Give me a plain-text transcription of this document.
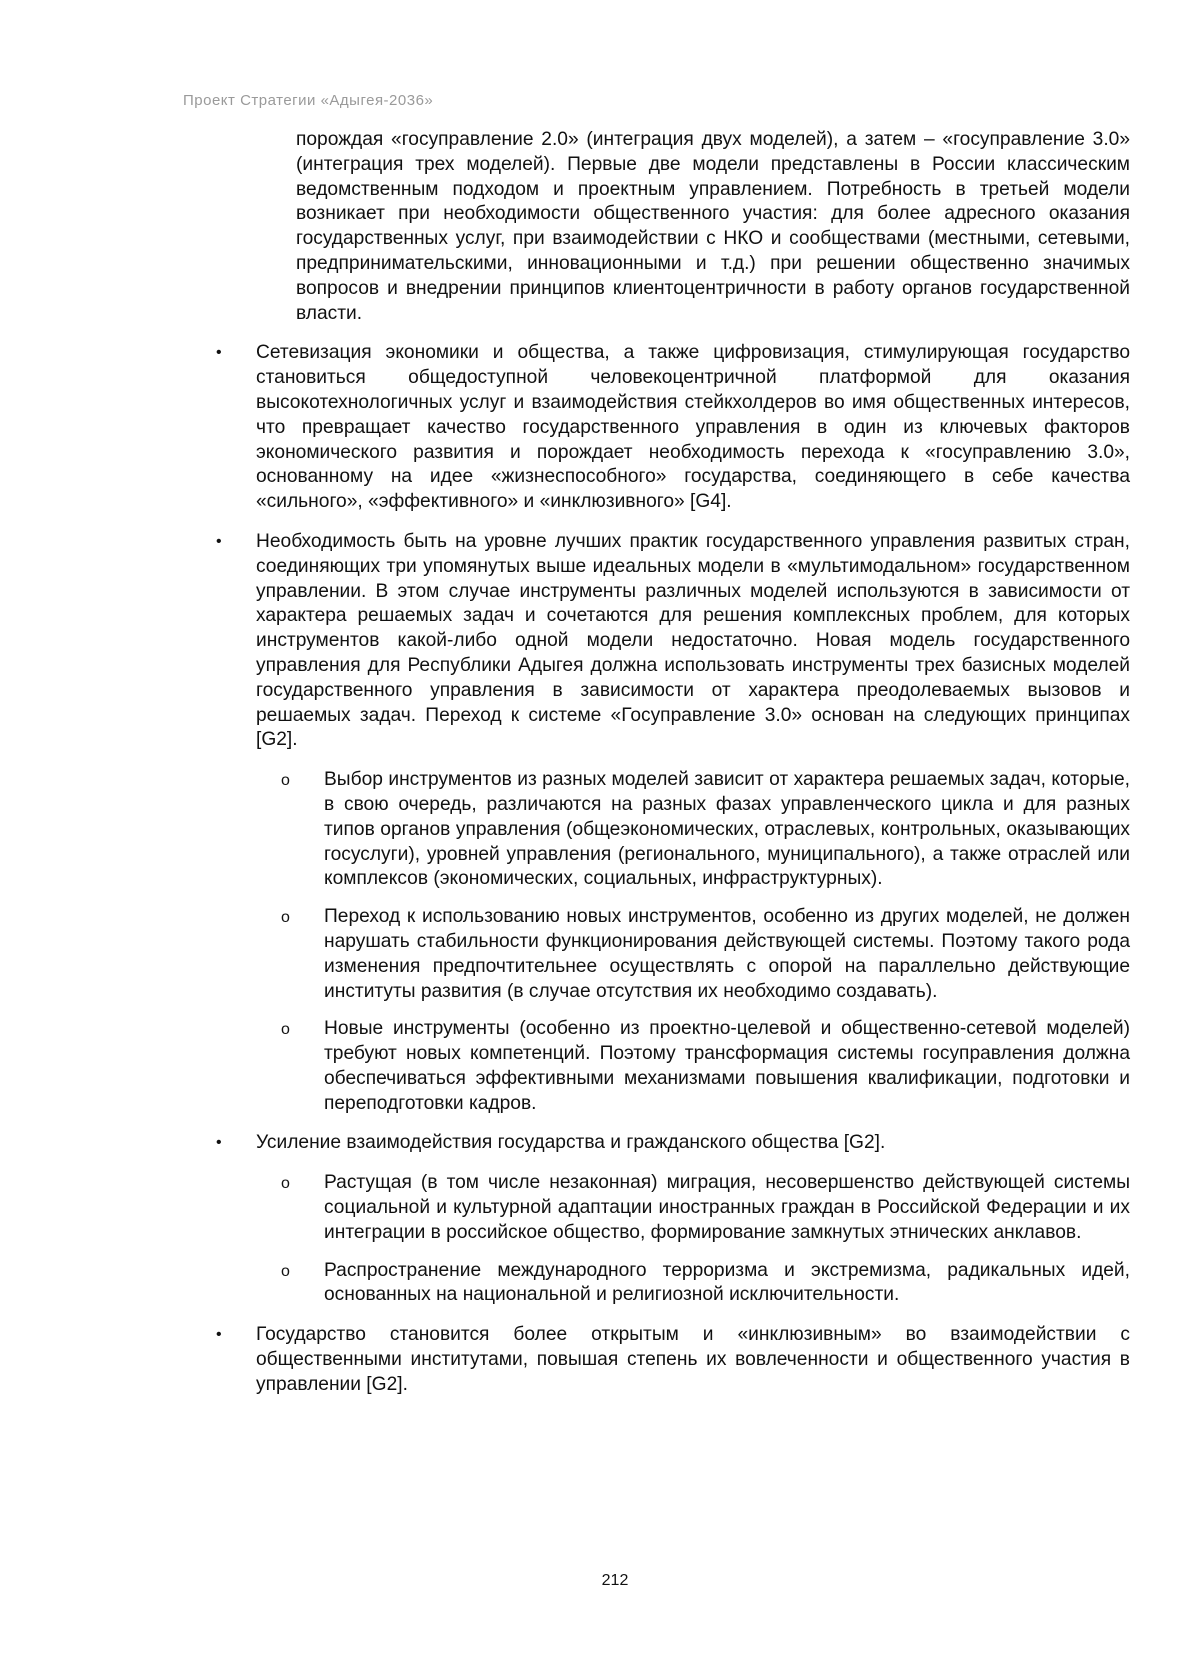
Проект Стратегии «Адыгея-2036»

порождая «госуправление 2.0» (интеграция двух моделей), а затем – «госуправление 3.0» (интеграция трех моделей). Первые две модели представлены в России классическим ведомственным подходом и проектным управлением. Потребность в третьей модели возникает при необходимости общественного участия: для более адресного оказания государственных услуг, при взаимодействии с НКО и сообществами (местными, сетевыми, предпринимательскими, инновационными и т.д.) при решении общественно значимых вопросов и внедрении принципов клиентоцентричности в работу органов государственной власти.

• Сетевизация экономики и общества, а также цифровизация, стимулирующая государство становиться общедоступной человекоцентричной платформой для оказания высокотехнологичных услуг и взаимодействия стейкхолдеров во имя общественных интересов, что превращает качество государственного управления в один из ключевых факторов экономического развития и порождает необходимость перехода к «госуправлению 3.0», основанному на идее «жизнеспособного» государства, соединяющего в себе качества «сильного», «эффективного» и «инклюзивного» [G4].
• Необходимость быть на уровне лучших практик государственного управления развитых стран, соединяющих три упомянутых выше идеальных модели в «мультимодальном» государственном управлении. В этом случае инструменты различных моделей используются в зависимости от характера решаемых задач и сочетаются для решения комплексных проблем, для которых инструментов какой-либо одной модели недостаточно. Новая модель государственного управления для Республики Адыгея должна использовать инструменты трех базисных моделей государственного управления в зависимости от характера преодолеваемых вызовов и решаемых задач. Переход к системе «Госуправление 3.0» основан на следующих принципах [G2].
o Выбор инструментов из разных моделей зависит от характера решаемых задач, которые, в свою очередь, различаются на разных фазах управленческого цикла и для разных типов органов управления (общеэкономических, отраслевых, контрольных, оказывающих госуслуги), уровней управления (регионального, муниципального), а также отраслей или комплексов (экономических, социальных, инфраструктурных).
o Переход к использованию новых инструментов, особенно из других моделей, не должен нарушать стабильности функционирования действующей системы. Поэтому такого рода изменения предпочтительнее осуществлять с опорой на параллельно действующие институты развития (в случае отсутствия их необходимо создавать).
o Новые инструменты (особенно из проектно-целевой и общественно-сетевой моделей) требуют новых компетенций. Поэтому трансформация системы госуправления должна обеспечиваться эффективными механизмами повышения квалификации, подготовки и переподготовки кадров.
• Усиление взаимодействия государства и гражданского общества [G2].
o Растущая (в том числе незаконная) миграция, несовершенство действующей системы социальной и культурной адаптации иностранных граждан в Российской Федерации и их интеграции в российское общество, формирование замкнутых этнических анклавов.
o Распространение международного терроризма и экстремизма, радикальных идей, основанных на национальной и религиозной исключительности.
• Государство становится более открытым и «инклюзивным» во взаимодействии с общественными институтами, повышая степень их вовлеченности и общественного участия в управлении [G2].
212
